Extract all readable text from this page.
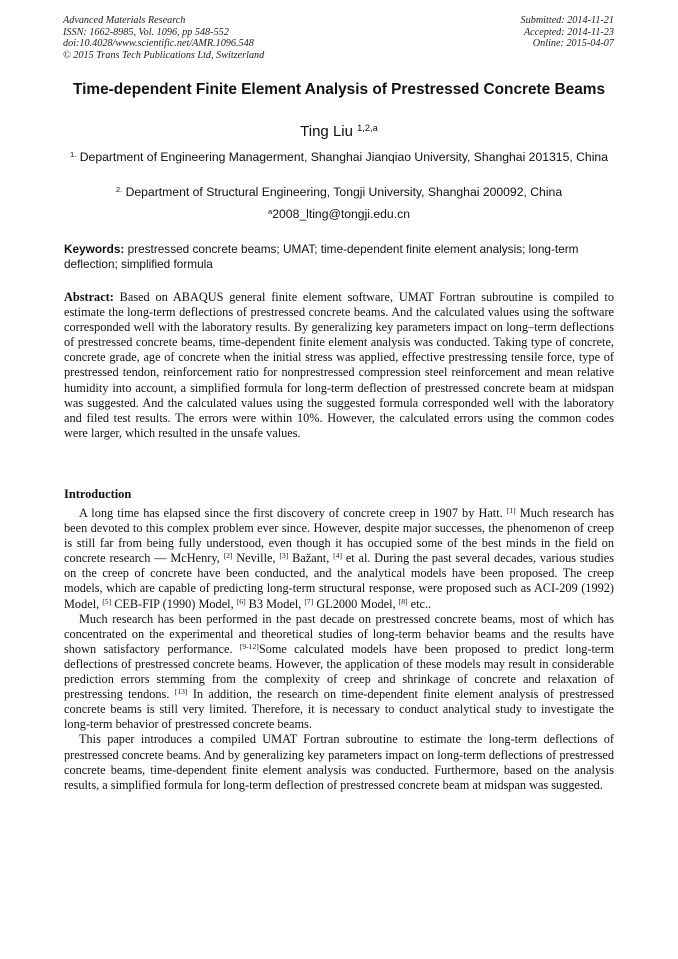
Advanced Materials Research
ISSN: 1662-8985, Vol. 1096, pp 548-552
doi:10.4028/www.scientific.net/AMR.1096.548
© 2015 Trans Tech Publications Ltd, Switzerland
Submitted: 2014-11-21
Accepted: 2014-11-23
Online: 2015-04-07
Time-dependent Finite Element Analysis of Prestressed Concrete Beams
Ting Liu $^{1,2,a}$
$^{1.}$ Department of Engineering Managerment, Shanghai Jianqiao University, Shanghai 201315, China
$^{2.}$ Department of Structural Engineering, Tongji University, Shanghai 200092, China
$^a$2008_lting@tongji.edu.cn
Keywords: prestressed concrete beams; UMAT; time-dependent finite element analysis; long-term deflection; simplified formula
Abstract: Based on ABAQUS general finite element software, UMAT Fortran subroutine is compiled to estimate the long-term deflections of prestressed concrete beams. And the calculated values using the software corresponded well with the laboratory results. By generalizing key parameters impact on long–term deflections of prestressed concrete beams, time-dependent finite element analysis was conducted. Taking type of concrete, concrete grade, age of concrete when the initial stress was applied, effective prestressing tensile force, type of prestressed tendon, reinforcement ratio for nonprestressed compression steel reinforcement and mean relative humidity into account, a simplified formula for long-term deflection of prestressed concrete beam at midspan was suggested. And the calculated values using the suggested formula corresponded well with the laboratory and filed test results. The errors were within 10%. However, the calculated errors using the common codes were larger, which resulted in the unsafe values.
Introduction

A long time has elapsed since the first discovery of concrete creep in 1907 by Hatt. [1] Much research has been devoted to this complex problem ever since. However, despite major successes, the phenomenon of creep is still far from being fully understood, even though it has occupied some of the best minds in the field on concrete research — McHenry, [2] Neville, [3] Bažant, [4] et al. During the past several decades, various studies on the creep of concrete have been conducted, and the analytical models have been proposed. The creep models, which are capable of predicting long-term structural response, were proposed such as ACI-209 (1992) Model, [5] CEB-FIP (1990) Model, [6] B3 Model, [7] GL2000 Model, [8] etc..

Much research has been performed in the past decade on prestressed concrete beams, most of which has concentrated on the experimental and theoretical studies of long-term behavior beams and the results have shown satisfactory performance. [9-12]Some calculated models have been proposed to predict long-term deflections of prestressed concrete beams. However, the application of these models may result in considerable prediction errors stemming from the complexity of creep and shrinkage of concrete and relaxation of prestressing tendons. [13] In addition, the research on time-dependent finite element analysis of prestressed concrete beams is still very limited. Therefore, it is necessary to conduct analytical study to investigate the long-term behavior of prestressed concrete beams.

This paper introduces a compiled UMAT Fortran subroutine to estimate the long-term deflections of prestressed concrete beams. And by generalizing key parameters impact on long-term deflections of prestressed concrete beams, time-dependent finite element analysis was conducted. Furthermore, based on the analysis results, a simplified formula for long-term deflection of prestressed concrete beam at midspan was suggested.
